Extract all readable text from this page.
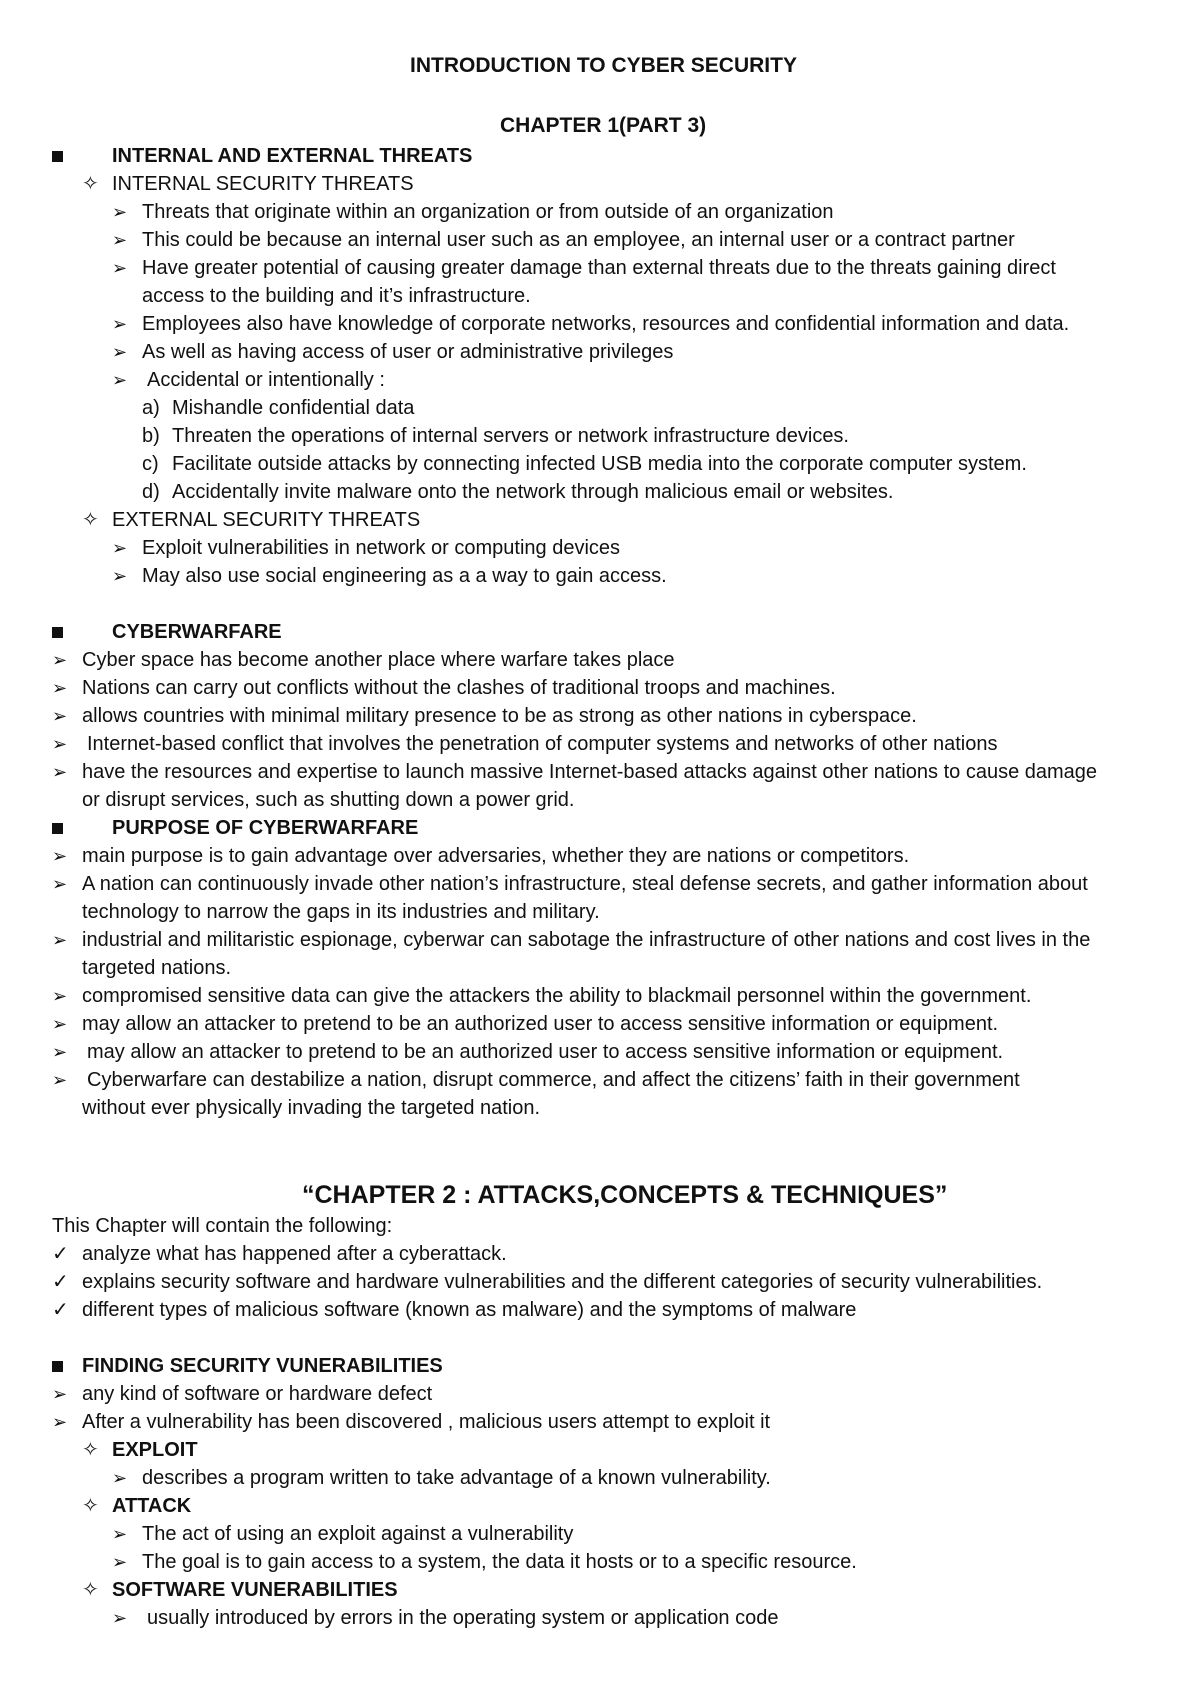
INTRODUCTION TO CYBER SECURITY
CHAPTER 1(PART 3)
INTERNAL AND EXTERNAL THREATS
✧ INTERNAL SECURITY THREATS
➢ Threats that originate within an organization or from outside of an organization
➢ This could be because an internal user such as an employee, an internal user or a contract partner
➢ Have greater potential of causing greater damage than external threats due to the threats gaining direct
access to the building and it’s infrastructure.
➢ Employees also have knowledge of corporate networks, resources and confidential information and data.
➢ As well as having access of user or administrative privileges
➢ Accidental or intentionally :
a) Mishandle confidential data
b) Threaten the operations of internal servers or network infrastructure devices.
c) Facilitate outside attacks by connecting infected USB media into the corporate computer system.
d) Accidentally invite malware onto the network through malicious email or websites.
✧ EXTERNAL SECURITY THREATS
➢ Exploit vulnerabilities in network or computing devices
➢ May also use social engineering as a a way to gain access.
CYBERWARFARE
➢ Cyber space has become another place where warfare takes place
➢ Nations can carry out conflicts without the clashes of traditional troops and machines.
➢ allows countries with minimal military presence to be as strong as other nations in cyberspace.
➢ Internet-based conflict that involves the penetration of computer systems and networks of other nations
➢ have the resources and expertise to launch massive Internet-based attacks against other nations to cause damage
or disrupt services, such as shutting down a power grid.
PURPOSE OF CYBERWARFARE
➢ main purpose is to gain advantage over adversaries, whether they are nations or competitors.
➢ A nation can continuously invade other nation’s infrastructure, steal defense secrets, and gather information about
technology to narrow the gaps in its industries and military.
➢ industrial and militaristic espionage, cyberwar can sabotage the infrastructure of other nations and cost lives in the
targeted nations.
➢ compromised sensitive data can give the attackers the ability to blackmail personnel within the government.
➢ may allow an attacker to pretend to be an authorized user to access sensitive information or equipment.
➢ may allow an attacker to pretend to be an authorized user to access sensitive information or equipment.
➢ Cyberwarfare can destabilize a nation, disrupt commerce, and affect the citizens’ faith in their government
without ever physically invading the targeted nation.
“CHAPTER 2 : ATTACKS,CONCEPTS & TECHNIQUES”
This Chapter will contain the following:
✓ analyze what has happened after a cyberattack.
✓ explains security software and hardware vulnerabilities and the different categories of security vulnerabilities.
✓ different types of malicious software (known as malware) and the symptoms of malware
FINDING SECURITY VUNERABILITIES
➢ any kind of software or hardware defect
➢ After a vulnerability has been discovered , malicious users attempt to exploit it
✧ EXPLOIT
➢ describes a program written to take advantage of a known vulnerability.
✧ ATTACK
➢ The act of using an exploit against a vulnerability
➢ The goal is to gain access to a system, the data it hosts or to a specific resource.
✧ SOFTWARE VUNERABILITIES
➢ usually introduced by errors in the operating system or application code
